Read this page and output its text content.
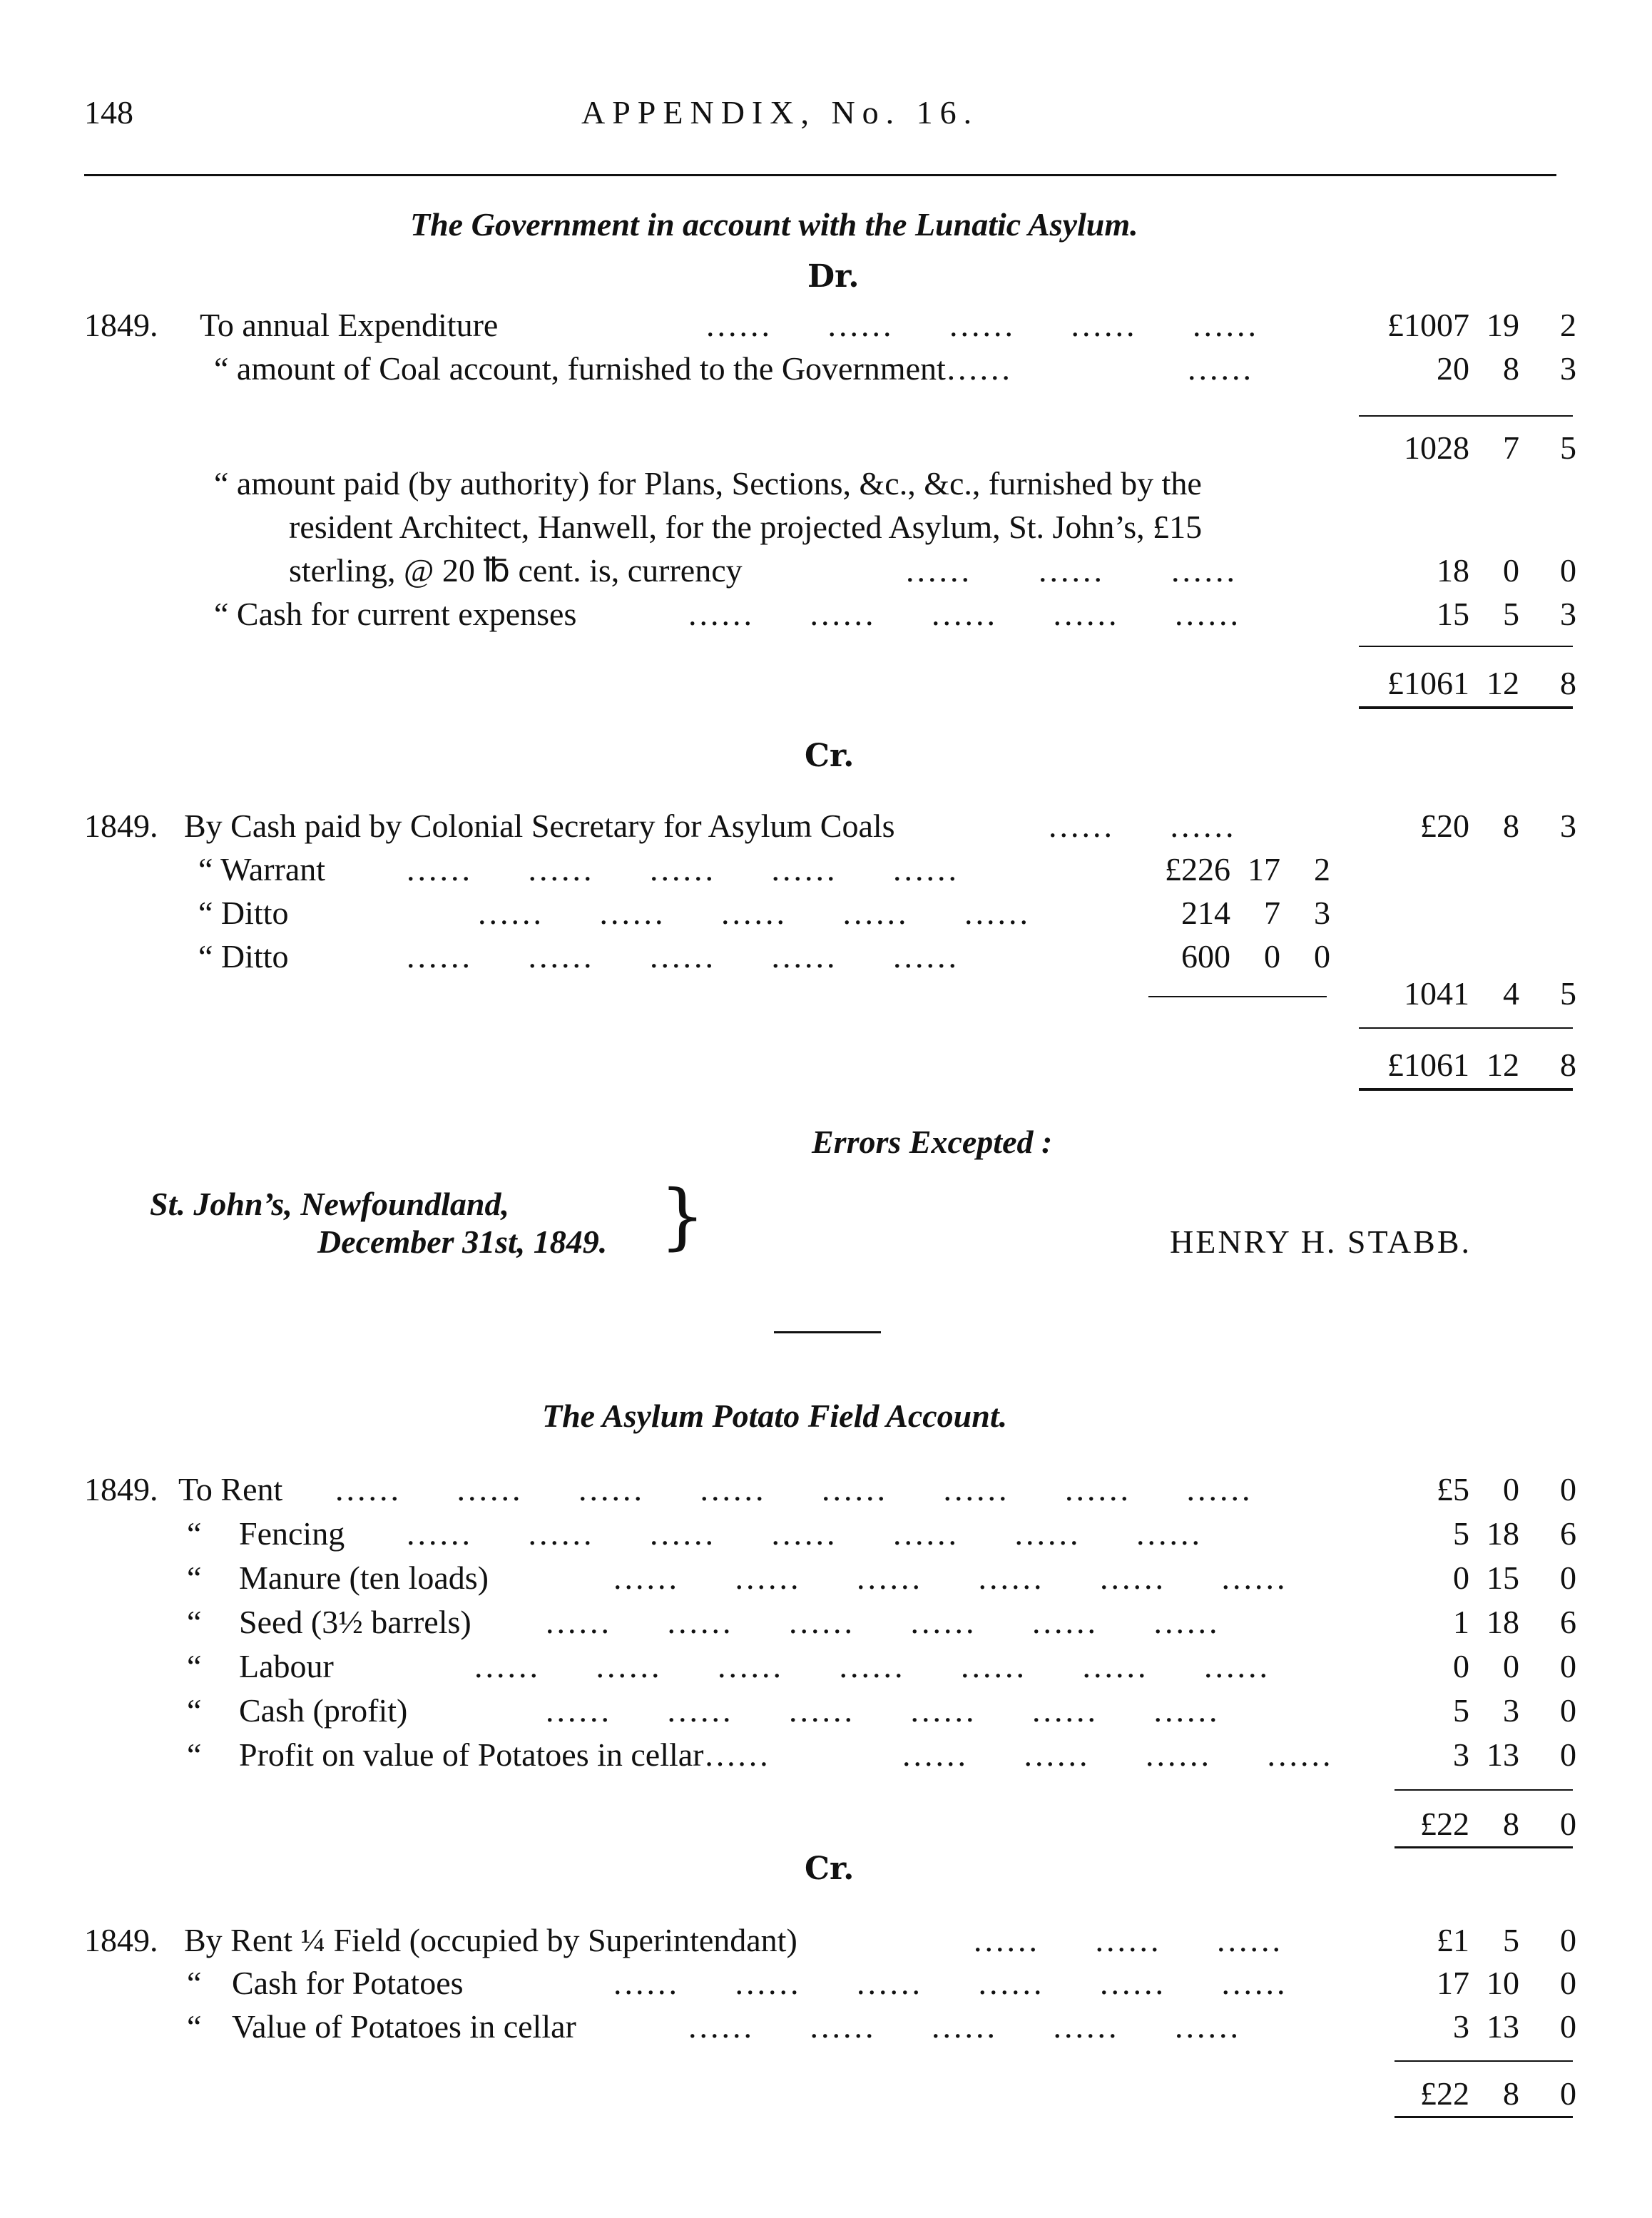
148	APPENDIX, No. 16.
The Government in account with the Lunatic Asylum.
Dr.
1849. To annual Expenditure	......     ......     ......     ......     ......	£1007 19	2
“ amount of Coal account, furnished to the Government……	......	20	8	3
1028	7	5
“ amount paid (by authority) for Plans, Sections, &c., &c., furnished by the
resident Architect, Hanwell, for the projected Asylum, St. John’s, £15
sterling, @ 20 ℔ cent. is, currency	......      ......      ......	18	0	0
“ Cash for current expenses	......     ......     ......     ......     ......	15	5	3
£1061 12	8
Cr.
1849. By Cash paid by Colonial Secretary for Asylum Coals	......     ......	£20	8	3
“ Warrant ......     ......     ......     ......     ......	£226 17	2
“ Ditto	......     ......     ......     ......     ......	214	7	3
“ Ditto	......     ......     ......     ......     ......	600	0	0
1041	4	5
£1061 12	8
Errors Excepted :
St. John’s, Newfoundland,
December 31st, 1849. }	HENRY H. STABB.
The Asylum Potato Field Account.
1849. To Rent ......     ......     ......     ......     ......     ......     ......     ......	£5	0	0
“ Fencing ......     ......     ......     ......     ......     ......     ......	5 18	6
“ Manure (ten loads)	......     ......     ......     ......     ......     ......	0 15	0
“ Seed (3½ barrels) ......     ......     ......     ......     ......     ......	1 18	6
“ Labour	......     ......     ......     ......     ......     ......     ......	0	0	0
“ Cash (profit)	......     ......     ......     ......     ......     ......	5	3	0
“ Profit on value of Potatoes in cellar……	......     ......     ......     ......	3 13	0
£22	8	0
Cr.
1849. By Rent ¼ Field (occupied by Superintendant)	......     ......     ......	£1	5	0
“ Cash for Potatoes	......     ......     ......     ......     ......     ......	17 10	0
“ Value of Potatoes in cellar	......     ......     ......     ......     ......	3 13	0
£22	8	0
